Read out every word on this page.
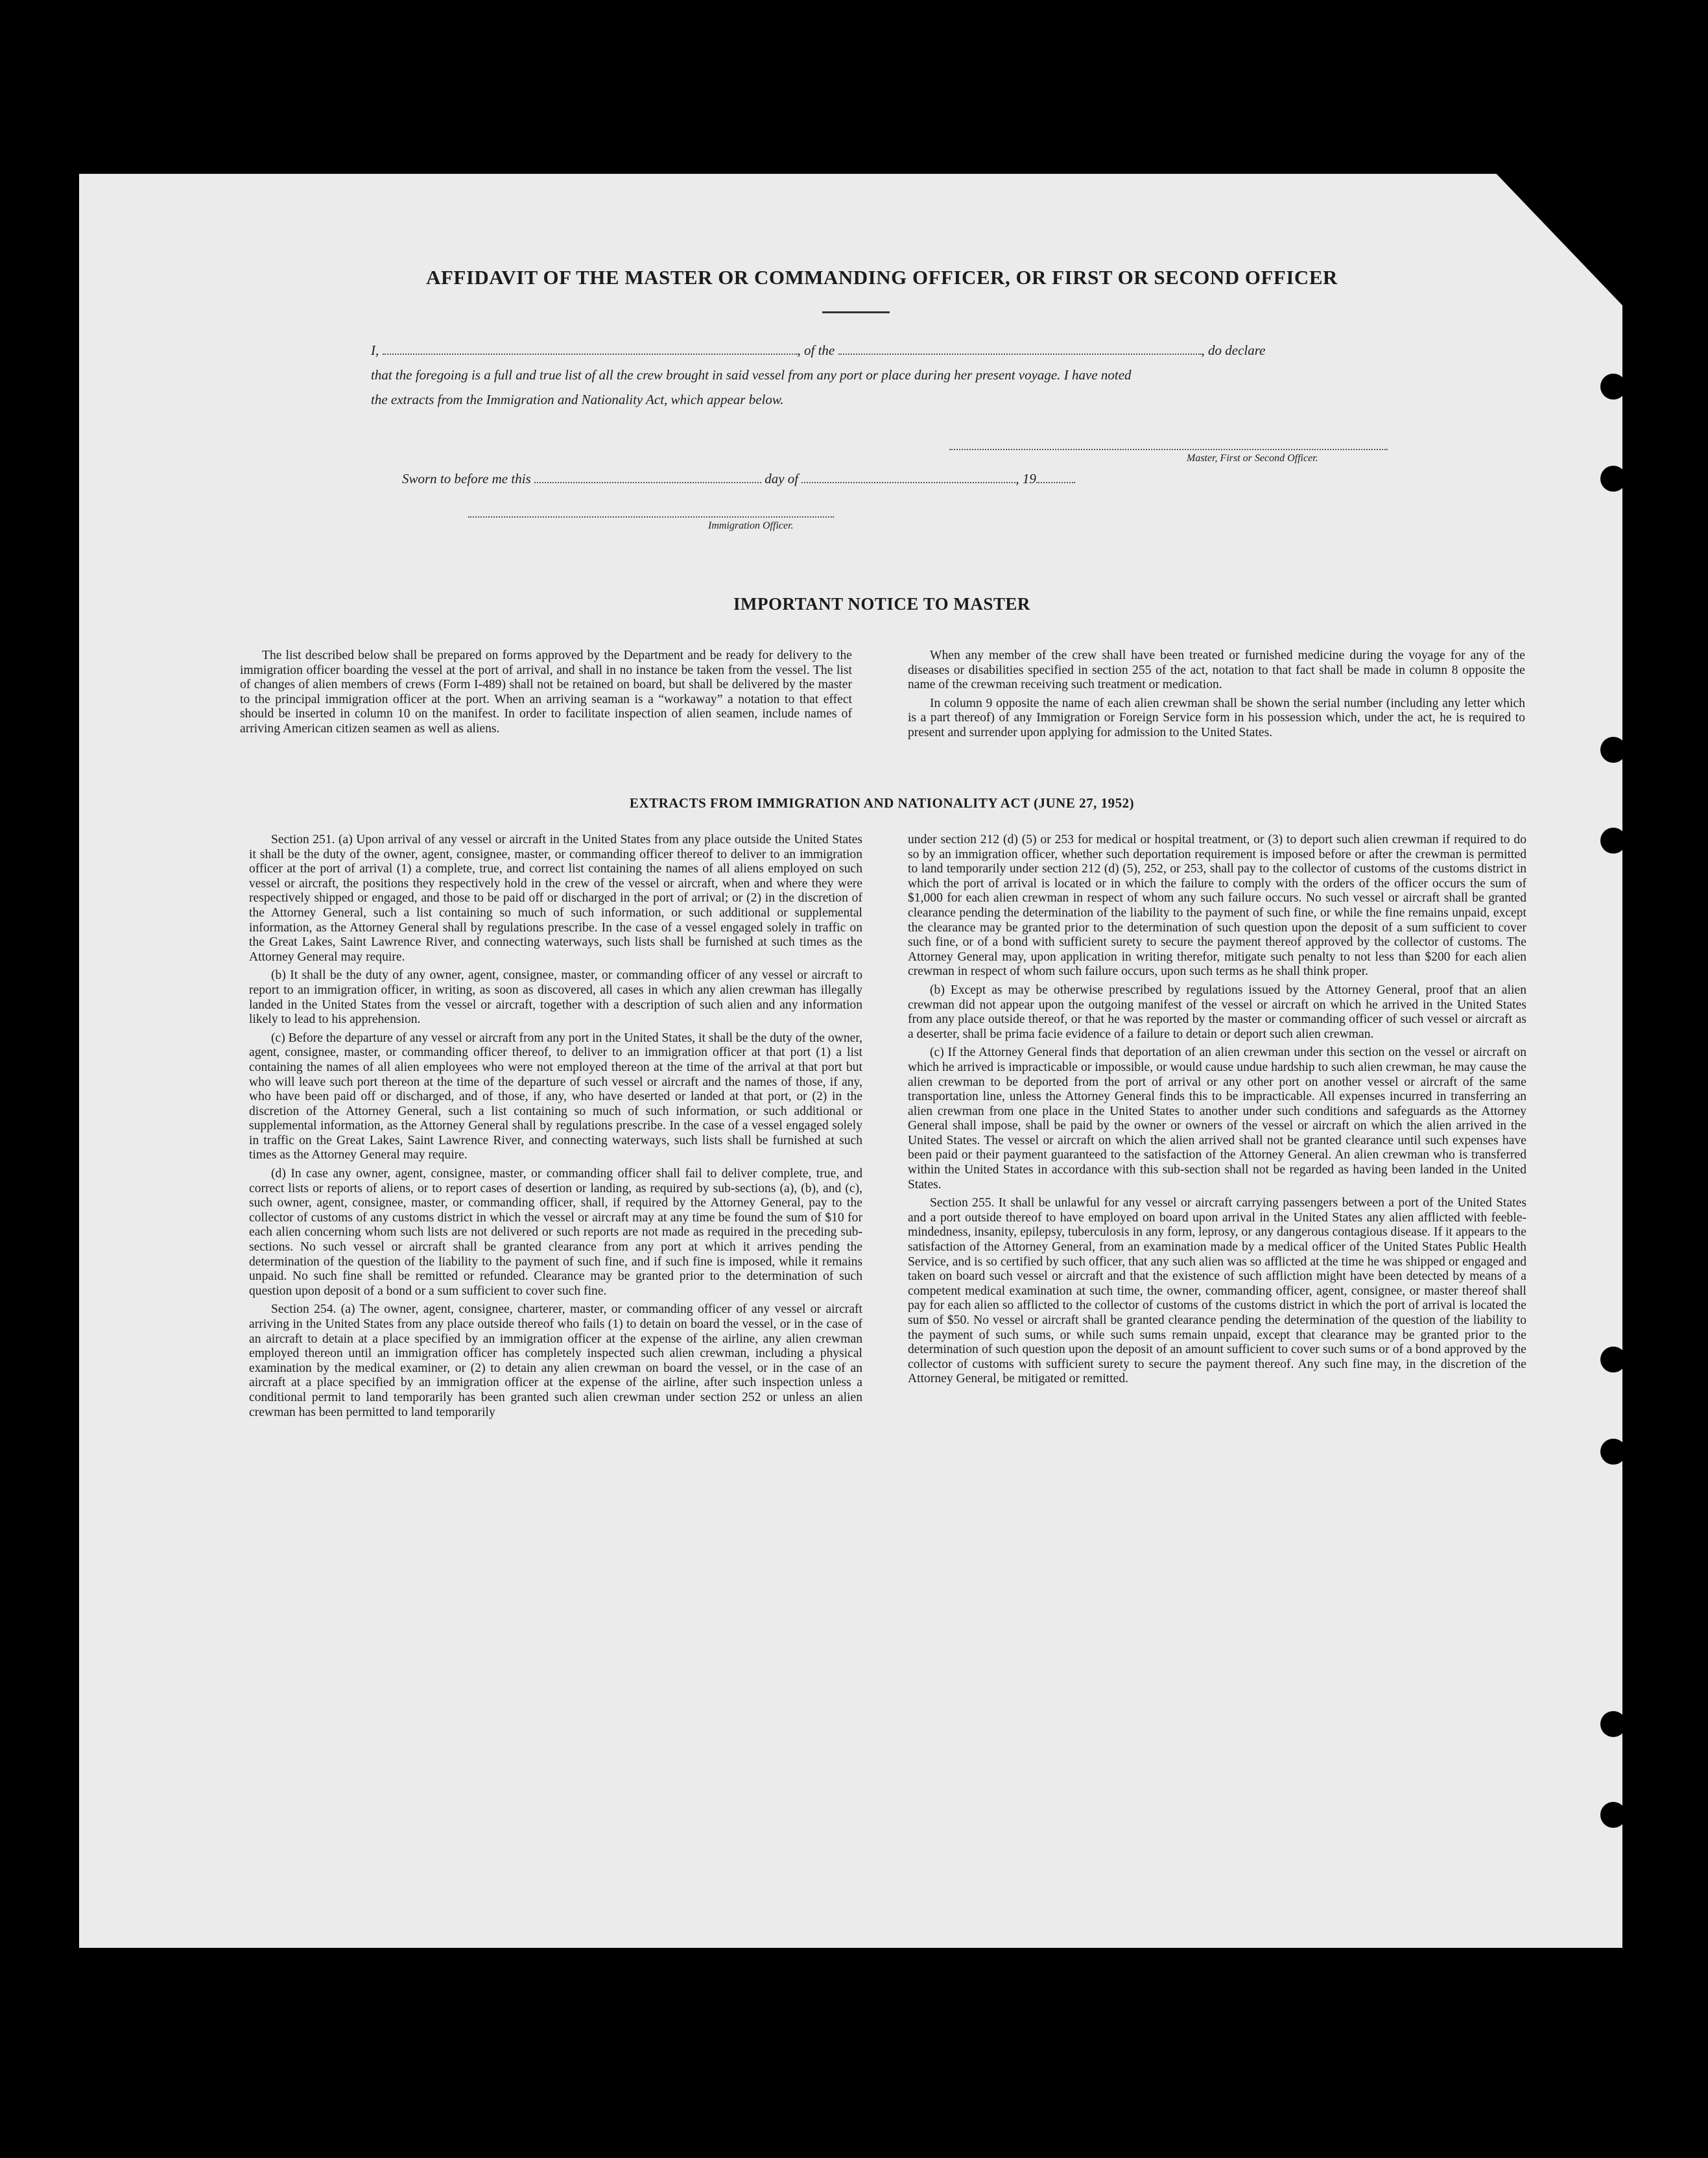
AFFIDAVIT OF THE MASTER OR COMMANDING OFFICER, OR FIRST OR SECOND OFFICER
I,	, of the	, do declare
that the foregoing is a full and true list of all the crew brought in said vessel from any port or place during her present voyage. I have noted
the extracts from the Immigration and Nationality Act, which appear below.
Master, First or Second Officer.
Sworn to before me this	day of	, 19
Immigration Officer.
IMPORTANT NOTICE TO MASTER

The list described below shall be prepared on forms approved by the Department and be ready for delivery to the immigration officer boarding the vessel at the port of arrival, and shall in no instance be taken from the vessel. The list of changes of alien members of crews (Form I-489) shall not be retained on board, but shall be delivered by the master to the principal immigration officer at the port. When an arriving seaman is a “workaway” a notation to that effect should be inserted in column 10 on the manifest. In order to facilitate inspection of alien seamen, include names of arriving American citizen seamen as well as aliens.

When any member of the crew shall have been treated or furnished medicine during the voyage for any of the diseases or disabilities specified in section 255 of the act, notation to that fact shall be made in column 8 opposite the name of the crewman receiving such treatment or medication.

In column 9 opposite the name of each alien crewman shall be shown the serial number (including any letter which is a part thereof) of any Immigration or Foreign Service form in his possession which, under the act, he is required to present and surrender upon applying for admission to the United States.

EXTRACTS FROM IMMIGRATION AND NATIONALITY ACT (JUNE 27, 1952)

Section 251. (a) Upon arrival of any vessel or aircraft in the United States from any place outside the United States it shall be the duty of the owner, agent, consignee, master, or commanding officer thereof to deliver to an immigration officer at the port of arrival (1) a complete, true, and correct list containing the names of all aliens employed on such vessel or aircraft, the positions they respectively hold in the crew of the vessel or aircraft, when and where they were respectively shipped or engaged, and those to be paid off or discharged in the port of arrival; or (2) in the discretion of the Attorney General, such a list containing so much of such information, or such additional or supplemental information, as the Attorney General shall by regulations prescribe. In the case of a vessel engaged solely in traffic on the Great Lakes, Saint Lawrence River, and connecting waterways, such lists shall be furnished at such times as the Attorney General may require.

(b) It shall be the duty of any owner, agent, consignee, master, or commanding officer of any vessel or aircraft to report to an immigration officer, in writing, as soon as discovered, all cases in which any alien crewman has illegally landed in the United States from the vessel or aircraft, together with a description of such alien and any information likely to lead to his apprehension.

(c) Before the departure of any vessel or aircraft from any port in the United States, it shall be the duty of the owner, agent, consignee, master, or commanding officer thereof, to deliver to an immigration officer at that port (1) a list containing the names of all alien employees who were not employed thereon at the time of the arrival at that port but who will leave such port thereon at the time of the departure of such vessel or aircraft and the names of those, if any, who have been paid off or discharged, and of those, if any, who have deserted or landed at that port, or (2) in the discretion of the Attorney General, such a list containing so much of such information, or such additional or supplemental information, as the Attorney General shall by regulations prescribe. In the case of a vessel engaged solely in traffic on the Great Lakes, Saint Lawrence River, and connecting waterways, such lists shall be furnished at such times as the Attorney General may require.

(d) In case any owner, agent, consignee, master, or commanding officer shall fail to deliver complete, true, and correct lists or reports of aliens, or to report cases of desertion or landing, as required by sub-sections (a), (b), and (c), such owner, agent, consignee, master, or commanding officer, shall, if required by the Attorney General, pay to the collector of customs of any customs district in which the vessel or aircraft may at any time be found the sum of $10 for each alien concerning whom such lists are not delivered or such reports are not made as required in the preceding sub-sections. No such vessel or aircraft shall be granted clearance from any port at which it arrives pending the determination of the question of the liability to the payment of such fine, and if such fine is imposed, while it remains unpaid. No such fine shall be remitted or refunded. Clearance may be granted prior to the determination of such question upon deposit of a bond or a sum sufficient to cover such fine.

Section 254. (a) The owner, agent, consignee, charterer, master, or commanding officer of any vessel or aircraft arriving in the United States from any place outside thereof who fails (1) to detain on board the vessel, or in the case of an aircraft to detain at a place specified by an immigration officer at the expense of the airline, any alien crewman employed thereon until an immigration officer has completely inspected such alien crewman, including a physical examination by the medical examiner, or (2) to detain any alien crewman on board the vessel, or in the case of an aircraft at a place specified by an immigration officer at the expense of the airline, after such inspection unless a conditional permit to land temporarily has been granted such alien crewman under section 252 or unless an alien crewman has been permitted to land temporarily

under section 212 (d) (5) or 253 for medical or hospital treatment, or (3) to deport such alien crewman if required to do so by an immigration officer, whether such deportation requirement is imposed before or after the crewman is permitted to land temporarily under section 212 (d) (5), 252, or 253, shall pay to the collector of customs of the customs district in which the port of arrival is located or in which the failure to comply with the orders of the officer occurs the sum of $1,000 for each alien crewman in respect of whom any such failure occurs. No such vessel or aircraft shall be granted clearance pending the determination of the liability to the payment of such fine, or while the fine remains unpaid, except the clearance may be granted prior to the determination of such question upon the deposit of a sum sufficient to cover such fine, or of a bond with sufficient surety to secure the payment thereof approved by the collector of customs. The Attorney General may, upon application in writing therefor, mitigate such penalty to not less than $200 for each alien crewman in respect of whom such failure occurs, upon such terms as he shall think proper.

(b) Except as may be otherwise prescribed by regulations issued by the Attorney General, proof that an alien crewman did not appear upon the outgoing manifest of the vessel or aircraft on which he arrived in the United States from any place outside thereof, or that he was reported by the master or commanding officer of such vessel or aircraft as a deserter, shall be prima facie evidence of a failure to detain or deport such alien crewman.

(c) If the Attorney General finds that deportation of an alien crewman under this section on the vessel or aircraft on which he arrived is impracticable or impossible, or would cause undue hardship to such alien crewman, he may cause the alien crewman to be deported from the port of arrival or any other port on another vessel or aircraft of the same transportation line, unless the Attorney General finds this to be impracticable. All expenses incurred in transferring an alien crewman from one place in the United States to another under such conditions and safeguards as the Attorney General shall impose, shall be paid by the owner or owners of the vessel or aircraft on which the alien arrived in the United States. The vessel or aircraft on which the alien arrived shall not be granted clearance until such expenses have been paid or their payment guaranteed to the satisfaction of the Attorney General. An alien crewman who is transferred within the United States in accordance with this sub-section shall not be regarded as having been landed in the United States.

Section 255. It shall be unlawful for any vessel or aircraft carrying passengers between a port of the United States and a port outside thereof to have employed on board upon arrival in the United States any alien afflicted with feeble-mindedness, insanity, epilepsy, tuberculosis in any form, leprosy, or any dangerous contagious disease. If it appears to the satisfaction of the Attorney General, from an examination made by a medical officer of the United States Public Health Service, and is so certified by such officer, that any such alien was so afflicted at the time he was shipped or engaged and taken on board such vessel or aircraft and that the existence of such affliction might have been detected by means of a competent medical examination at such time, the owner, commanding officer, agent, consignee, or master thereof shall pay for each alien so afflicted to the collector of customs of the customs district in which the port of arrival is located the sum of $50. No vessel or aircraft shall be granted clearance pending the determination of the question of the liability to the payment of such sums, or while such sums remain unpaid, except that clearance may be granted prior to the determination of such question upon the deposit of an amount sufficient to cover such sums or of a bond approved by the collector of customs with sufficient surety to secure the payment thereof. Any such fine may, in the discretion of the Attorney General, be mitigated or remitted.
